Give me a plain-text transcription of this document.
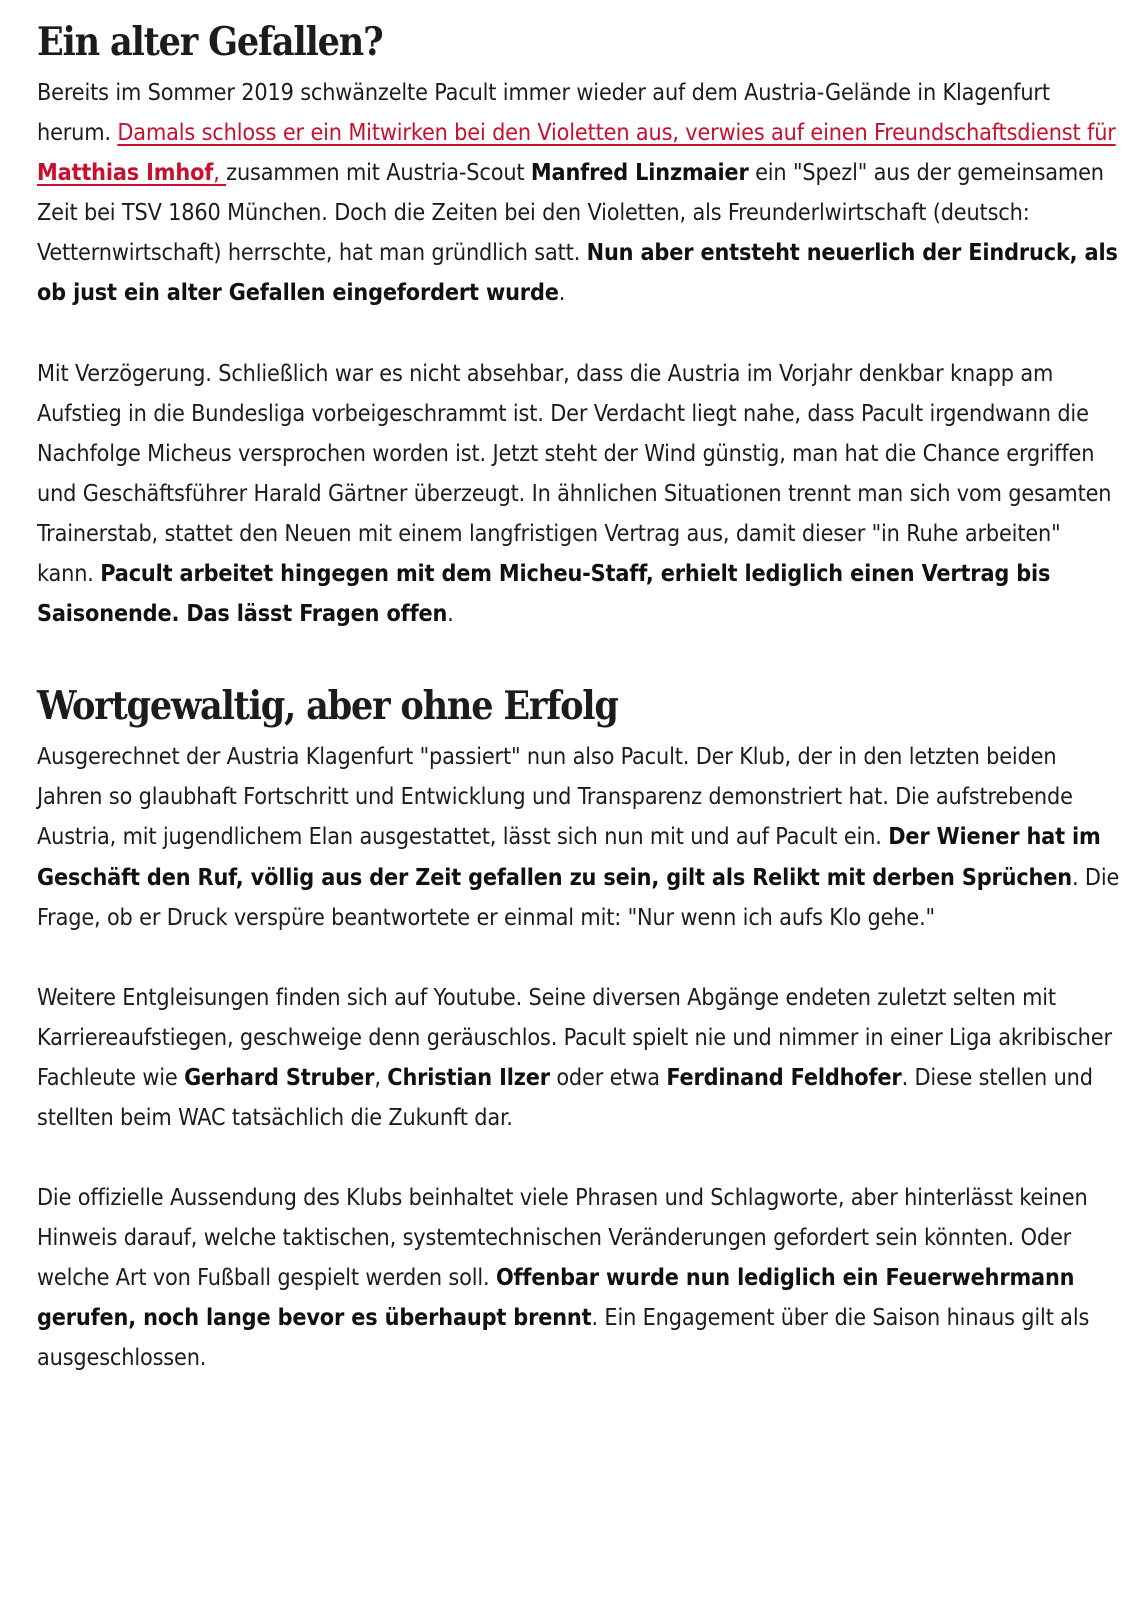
Ein alter Gefallen?

Bereits im Sommer 2019 schwänzelte Pacult immer wieder auf dem Austria-Gelände in Klagenfurt herum. Damals schloss er ein Mitwirken bei den Violetten aus, verwies auf einen Freundschaftsdienst für Matthias Imhof, zusammen mit Austria-Scout Manfred Linzmaier ein "Spezl" aus der gemeinsamen Zeit bei TSV 1860 München. Doch die Zeiten bei den Violetten, als Freunderlwirtschaft (deutsch: Vetternwirtschaft) herrschte, hat man gründlich satt. Nun aber entsteht neuerlich der Eindruck, als ob just ein alter Gefallen eingefordert wurde.

Mit Verzögerung. Schließlich war es nicht absehbar, dass die Austria im Vorjahr denkbar knapp am Aufstieg in die Bundesliga vorbeigeschrammt ist. Der Verdacht liegt nahe, dass Pacult irgendwann die Nachfolge Micheus versprochen worden ist. Jetzt steht der Wind günstig, man hat die Chance ergriffen und Geschäftsführer Harald Gärtner überzeugt. In ähnlichen Situationen trennt man sich vom gesamten Trainerstab, stattet den Neuen mit einem langfristigen Vertrag aus, damit dieser "in Ruhe arbeiten" kann. Pacult arbeitet hingegen mit dem Micheu-Staff, erhielt lediglich einen Vertrag bis Saisonende. Das lässt Fragen offen.

Wortgewaltig, aber ohne Erfolg

Ausgerechnet der Austria Klagenfurt "passiert" nun also Pacult. Der Klub, der in den letzten beiden Jahren so glaubhaft Fortschritt und Entwicklung und Transparenz demonstriert hat. Die aufstrebende Austria, mit jugendlichem Elan ausgestattet, lässt sich nun mit und auf Pacult ein. Der Wiener hat im Geschäft den Ruf, völlig aus der Zeit gefallen zu sein, gilt als Relikt mit derben Sprüchen. Die Frage, ob er Druck verspüre beantwortete er einmal mit: "Nur wenn ich aufs Klo gehe."

Weitere Entgleisungen finden sich auf Youtube. Seine diversen Abgänge endeten zuletzt selten mit Karriereaufstiegen, geschweige denn geräuschlos. Pacult spielt nie und nimmer in einer Liga akribischer Fachleute wie Gerhard Struber, Christian Ilzer oder etwa Ferdinand Feldhofer. Diese stellen und stellten beim WAC tatsächlich die Zukunft dar.

Die offizielle Aussendung des Klubs beinhaltet viele Phrasen und Schlagworte, aber hinterlässt keinen Hinweis darauf, welche taktischen, systemtechnischen Veränderungen gefordert sein könnten. Oder welche Art von Fußball gespielt werden soll. Offenbar wurde nun lediglich ein Feuerwehrmann gerufen, noch lange bevor es überhaupt brennt. Ein Engagement über die Saison hinaus gilt als ausgeschlossen.
